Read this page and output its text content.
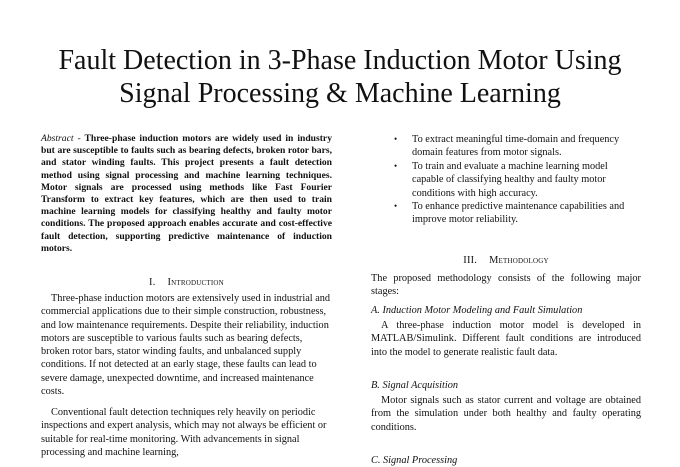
Fault Detection in 3-Phase Induction Motor Using
Signal Processing & Machine Learning

Abstract - Three-phase induction motors are widely used in industry but are susceptible to faults such as bearing defects, broken rotor bars, and stator winding faults. This project presents a fault detection method using signal processing and machine learning techniques. Motor signals are processed using methods like Fast Fourier Transform to extract key features, which are then used to train machine learning models for classifying healthy and faulty motor conditions. The proposed approach enables accurate and cost-effective fault detection, supporting predictive maintenance of induction motors.

I. Introduction

Three-phase induction motors are extensively used in industrial and commercial applications due to their simple construction, robustness, and low maintenance requirements. Despite their reliability, induction motors are susceptible to various faults such as bearing defects, broken rotor bars, stator winding faults, and unbalanced supply conditions. If not detected at an early stage, these faults can lead to severe damage, unexpected downtime, and increased maintenance costs.

Conventional fault detection techniques rely heavily on periodic inspections and expert analysis, which may not always be efficient or suitable for real-time monitoring. With advancements in signal processing and machine learning,

• To extract meaningful time-domain and frequency domain features from motor signals.
• To train and evaluate a machine learning model capable of classifying healthy and faulty motor conditions with high accuracy.
• To enhance predictive maintenance capabilities and improve motor reliability.
III. Methodology

The proposed methodology consists of the following major stages:

A. Induction Motor Modeling and Fault Simulation

A three-phase induction motor model is developed in MATLAB/Simulink. Different fault conditions are introduced into the model to generate realistic fault data.

B. Signal Acquisition

Motor signals such as stator current and voltage are obtained from the simulation under both healthy and faulty operating conditions.

C. Signal Processing
